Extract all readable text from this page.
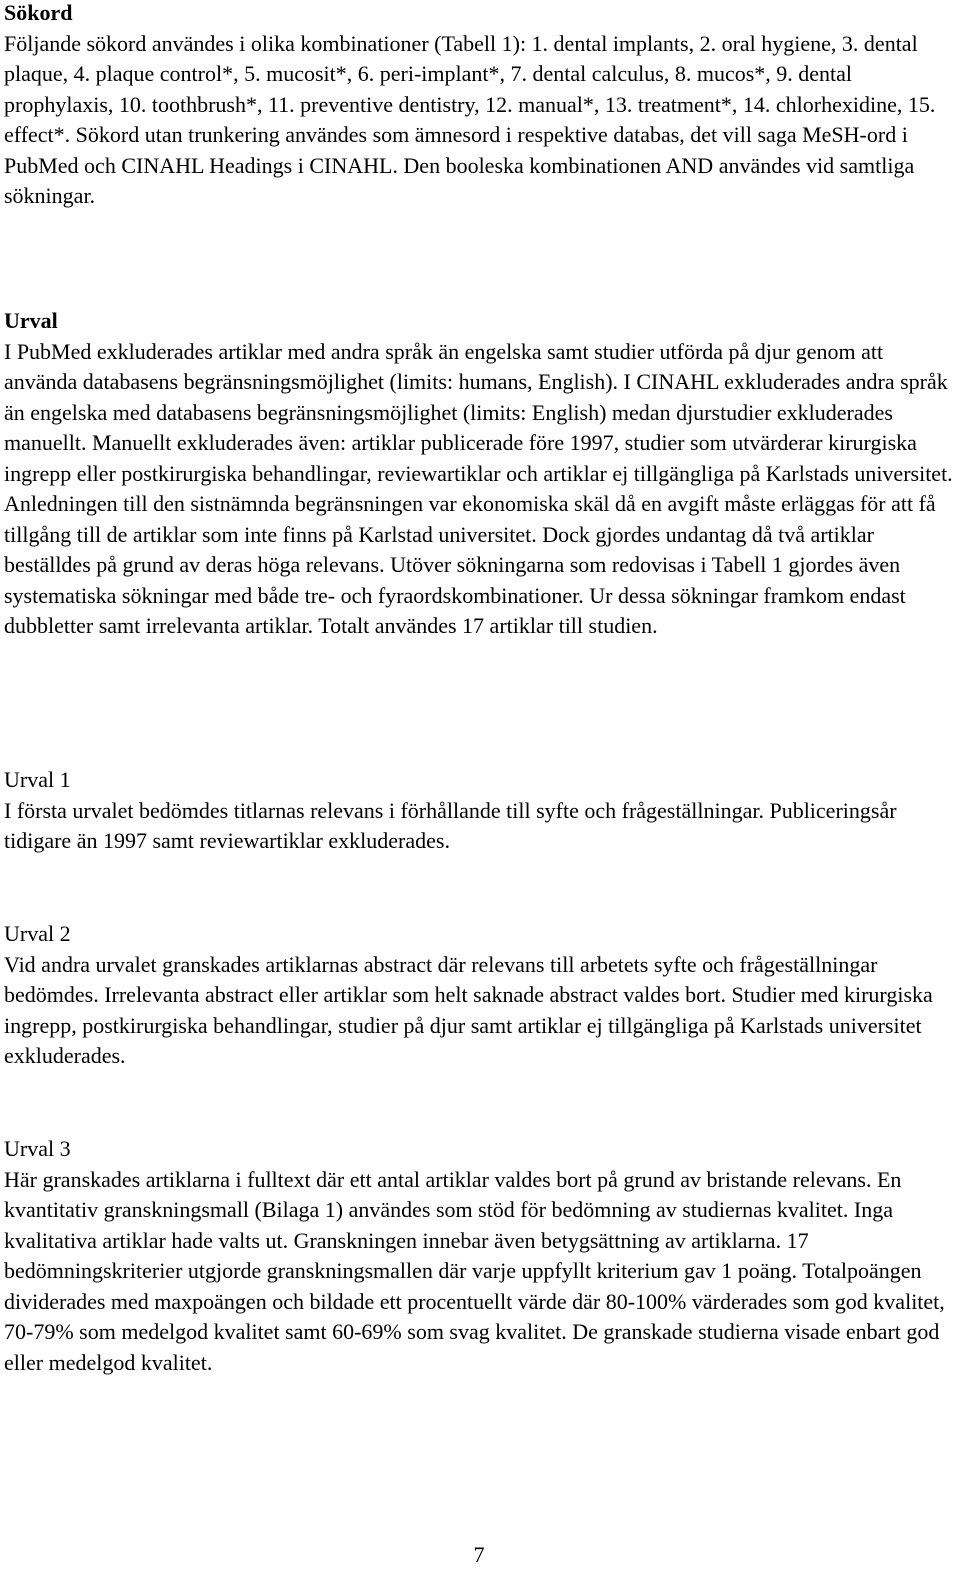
Sökord

Följande sökord användes i olika kombinationer (Tabell 1): 1. dental implants, 2. oral hygiene, 3. dental plaque, 4. plaque control*, 5. mucosit*, 6. peri-implant*, 7. dental calculus, 8. mucos*, 9. dental prophylaxis, 10. toothbrush*, 11. preventive dentistry, 12. manual*, 13. treatment*, 14. chlorhexidine, 15. effect*. Sökord utan trunkering användes som ämnesord i respektive databas, det vill saga MeSH-ord i PubMed och CINAHL Headings i CINAHL. Den booleska kombinationen AND användes vid samtliga sökningar.

Urval

I PubMed exkluderades artiklar med andra språk än engelska samt studier utförda på djur genom att använda databasens begränsningsmöjlighet (limits: humans, English). I CINAHL exkluderades andra språk än engelska med databasens begränsningsmöjlighet (limits: English) medan djurstudier exkluderades manuellt. Manuellt exkluderades även: artiklar publicerade före 1997, studier som utvärderar kirurgiska ingrepp eller postkirurgiska behandlingar, reviewartiklar och artiklar ej tillgängliga på Karlstads universitet. Anledningen till den sistnämnda begränsningen var ekonomiska skäl då en avgift måste erläggas för att få tillgång till de artiklar som inte finns på Karlstad universitet. Dock gjordes undantag då två artiklar beställdes på grund av deras höga relevans. Utöver sökningarna som redovisas i Tabell 1 gjordes även systematiska sökningar med både tre- och fyraordskombinationer. Ur dessa sökningar framkom endast dubbletter samt irrelevanta artiklar. Totalt användes 17 artiklar till studien.

Urval 1

I första urvalet bedömdes titlarnas relevans i förhållande till syfte och frågeställningar. Publiceringsår tidigare än 1997 samt reviewartiklar exkluderades.

Urval 2

Vid andra urvalet granskades artiklarnas abstract där relevans till arbetets syfte och frågeställningar bedömdes. Irrelevanta abstract eller artiklar som helt saknade abstract valdes bort. Studier med kirurgiska ingrepp, postkirurgiska behandlingar, studier på djur samt artiklar ej tillgängliga på Karlstads universitet exkluderades.

Urval 3

Här granskades artiklarna i fulltext där ett antal artiklar valdes bort på grund av bristande relevans. En kvantitativ granskningsmall (Bilaga 1) användes som stöd för bedömning av studiernas kvalitet. Inga kvalitativa artiklar hade valts ut. Granskningen innebar även betygsättning av artiklarna. 17 bedömningskriterier utgjorde granskningsmallen där varje uppfyllt kriterium gav 1 poäng. Totalpoängen dividerades med maxpoängen och bildade ett procentuellt värde där 80-100% värderades som god kvalitet, 70-79% som medelgod kvalitet samt 60-69% som svag kvalitet. De granskade studierna visade enbart god eller medelgod kvalitet.

7
